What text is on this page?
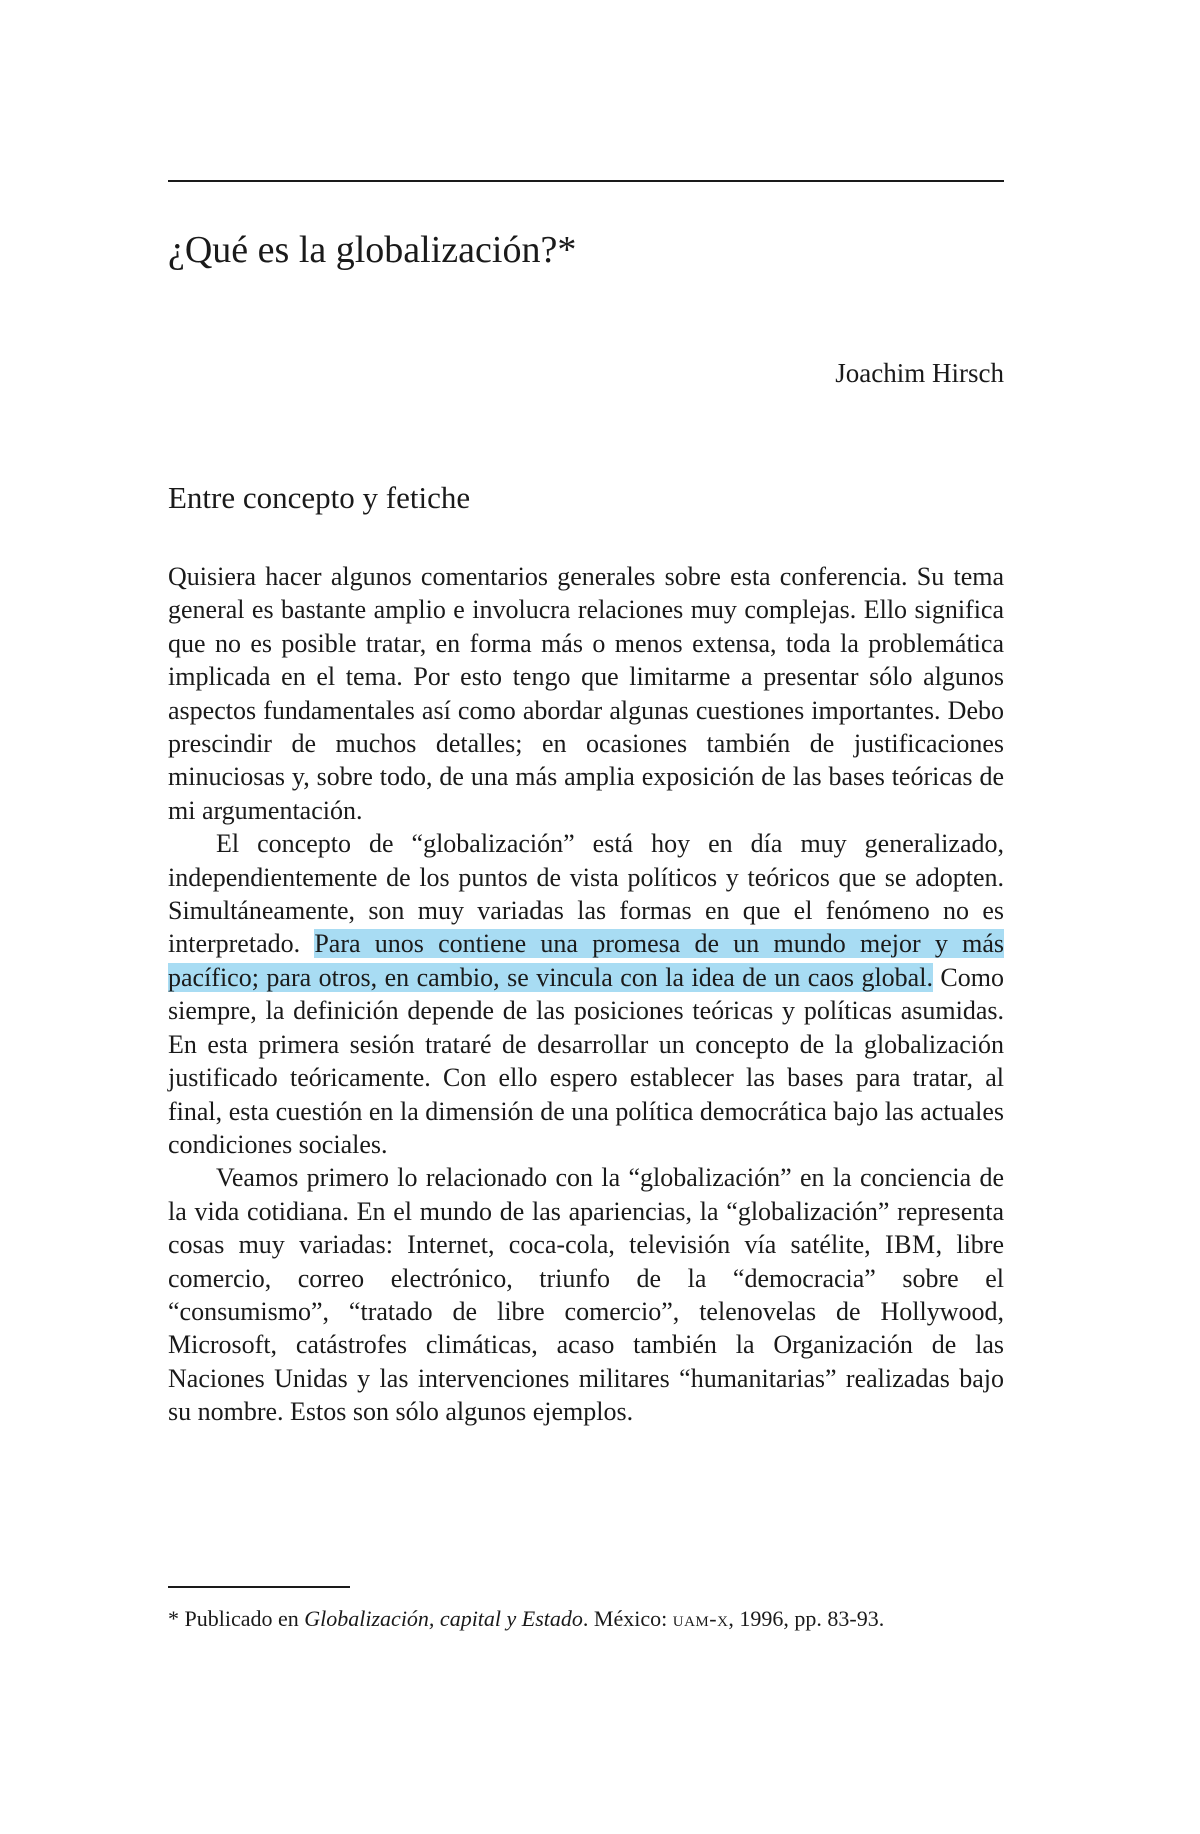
¿Qué es la globalización?*
Joachim Hirsch
Entre concepto y fetiche

Quisiera hacer algunos comentarios generales sobre esta conferencia. Su tema general es bastante amplio e involucra relaciones muy complejas. Ello significa que no es posible tratar, en forma más o menos extensa, toda la problemática implicada en el tema. Por esto tengo que limitarme a presentar sólo algunos aspectos fundamentales así como abordar algunas cuestiones importantes. Debo prescindir de muchos detalles; en ocasiones también de justificaciones minuciosas y, sobre todo, de una más amplia exposición de las bases teóricas de mi argumentación.

El concepto de “globalización” está hoy en día muy generalizado, independientemente de los puntos de vista políticos y teóricos que se adopten. Simultáneamente, son muy variadas las formas en que el fenómeno no es interpretado. Para unos contiene una promesa de un mundo mejor y más pacífico; para otros, en cambio, se vincula con la idea de un caos global. Como siempre, la definición depende de las posiciones teóricas y políticas asumidas. En esta primera sesión trataré de desarrollar un concepto de la globalización justificado teóricamente. Con ello espero establecer las bases para tratar, al final, esta cuestión en la dimensión de una política democrática bajo las actuales condiciones sociales.

Veamos primero lo relacionado con la “globalización” en la conciencia de la vida cotidiana. En el mundo de las apariencias, la “globalización” representa cosas muy variadas: Internet, coca-cola, televisión vía satélite, IBM, libre comercio, correo electrónico, triunfo de la “democracia” sobre el “consumismo”, “tratado de libre comercio”, telenovelas de Hollywood, Microsoft, catástrofes climáticas, acaso también la Organización de las Naciones Unidas y las intervenciones militares “humanitarias” realizadas bajo su nombre. Estos son sólo algunos ejemplos.

* Publicado en Globalización, capital y Estado. México: uam-x, 1996, pp. 83-93.
